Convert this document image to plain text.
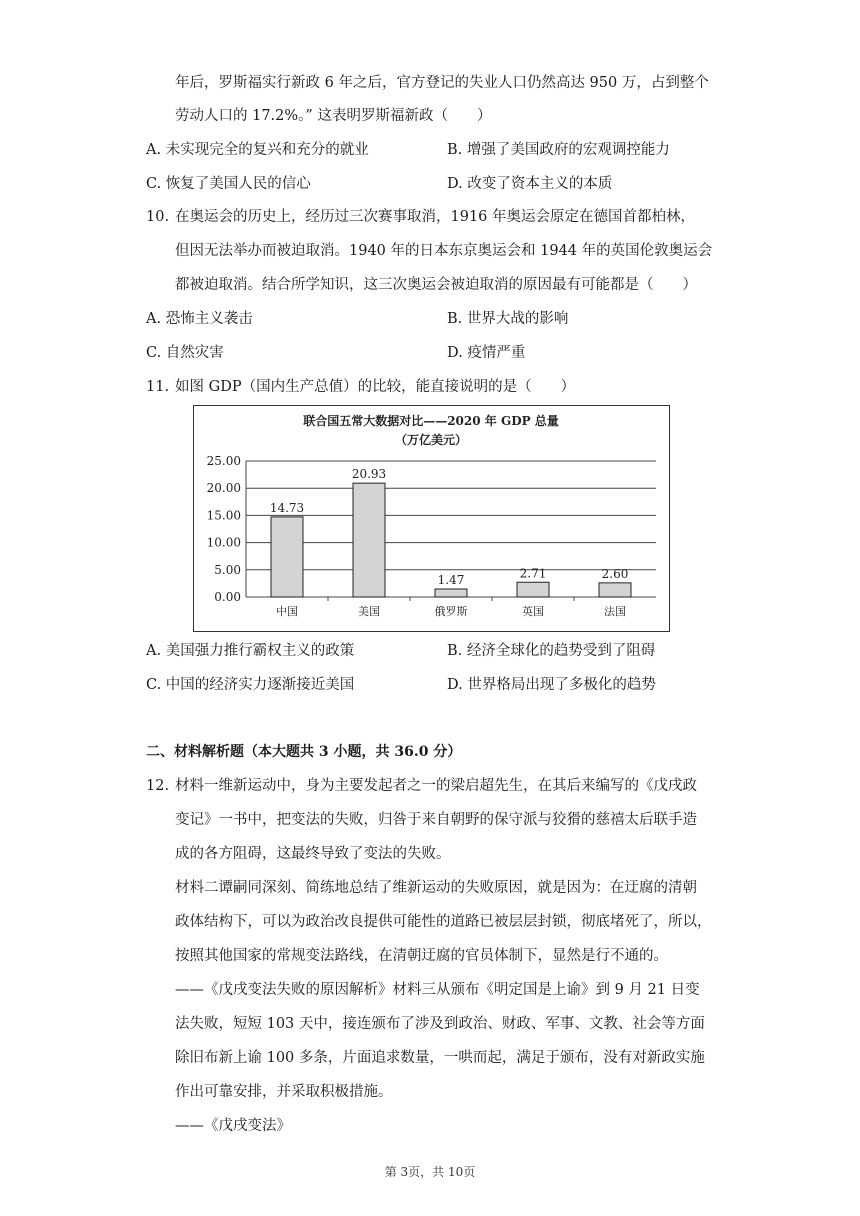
年后，罗斯福实行新政 6 年之后，官方登记的失业人口仍然高达 950 万，占到整个
劳动人口的 17.2%。” 这表明罗斯福新政（　　）
A. 未实现完全的复兴和充分的就业	B. 增强了美国政府的宏观调控能力
C. 恢复了美国人民的信心	D. 改变了资本主义的本质
10. 在奥运会的历史上，经历过三次赛事取消，1916 年奥运会原定在德国首都柏林，
但因无法举办而被迫取消。1940 年的日本东京奥运会和 1944 年的英国伦敦奥运会
都被迫取消。结合所学知识，这三次奥运会被迫取消的原因最有可能都是（　　）
A. 恐怖主义袭击	B. 世界大战的影响
C. 自然灾害	D. 疫情严重
11. 如图 GDP（国内生产总值）的比较，能直接说明的是（　　）
联合国五常大数据对比——2020 年 GDP 总量
（万亿美元）
0.00
5.00
10.00
15.00
20.00
25.00
14.73
中国
20.93
美国
1.47
俄罗斯
2.71
英国
2.60
法国
A. 美国强力推行霸权主义的政策	B. 经济全球化的趋势受到了阻碍
C. 中国的经济实力逐渐接近美国	D. 世界格局出现了多极化的趋势
二、材料解析题（本大题共 3 小题，共 36.0 分）
12. 材料一维新运动中，身为主要发起者之一的梁启超先生，在其后来编写的《戊戌政
变记》一书中，把变法的失败，归咎于来自朝野的保守派与狡猾的慈禧太后联手造
成的各方阻碍，这最终导致了变法的失败。
材料二谭嗣同深刻、简练地总结了维新运动的失败原因，就是因为：在迂腐的清朝
政体结构下，可以为政治改良提供可能性的道路已被层层封锁，彻底堵死了，所以，
按照其他国家的常规变法路线，在清朝迂腐的官员体制下，显然是行不通的。
——《戊戌变法失败的原因解析》材料三从颁布《明定国是上谕》到 9 月 21 日变
法失败，短短 103 天中，接连颁布了涉及到政治、财政、军事、文教、社会等方面
除旧布新上谕 100 多条，片面追求数量，一哄而起，满足于颁布，没有对新政实施
作出可靠安排，并采取积极措施。
——《戊戌变法》
第 3页，共 10页
